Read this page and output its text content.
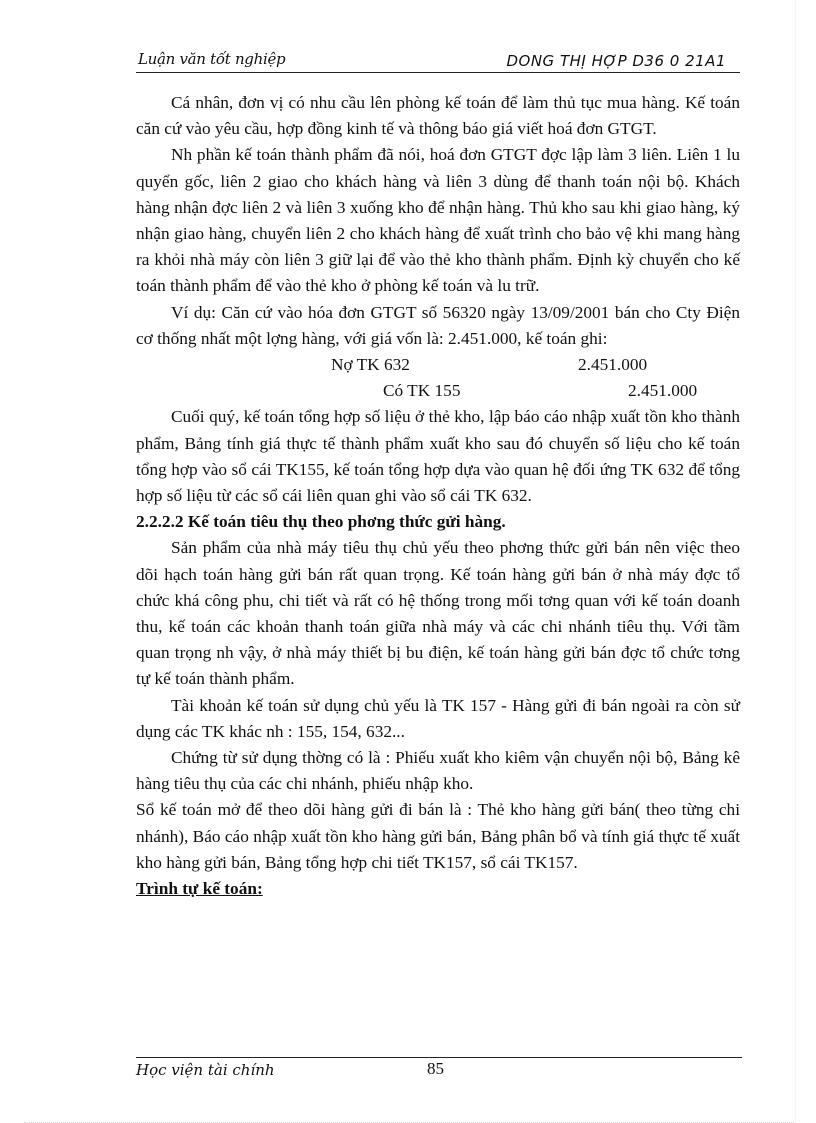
Luận văn tốt nghiệp	DONG THỊ HỢP D36 0 21A1

Cá nhân, đơn vị có nhu cầu lên phòng kế toán để làm thủ tục mua hàng. Kế toán căn cứ vào yêu cầu, hợp đồng kinh tế và thông báo giá viết hoá đơn GTGT.

Nh phần kế toán thành phẩm đã nói, hoá đơn GTGT đợc lập làm 3 liên. Liên 1 lu quyển gốc, liên 2 giao cho khách hàng và liên 3 dùng để thanh toán nội bộ. Khách hàng nhận đợc liên 2 và liên 3 xuống kho để nhận hàng. Thủ kho sau khi giao hàng, ký nhận giao hàng, chuyển liên 2 cho khách hàng để xuất trình cho bảo vệ khi mang hàng ra khỏi nhà máy còn liên 3 giữ lại để vào thẻ kho thành phẩm. Định kỳ chuyển cho kế toán thành phẩm để vào thẻ kho ở phòng kế toán và lu trữ.

Ví dụ: Căn cứ vào hóa đơn GTGT số 56320 ngày 13/09/2001 bán cho Cty Điện cơ thống nhất một lợng hàng, với giá vốn là: 2.451.000, kế toán ghi:

Nợ TK 632	2.451.000
Có TK 155	2.451.000

Cuối quý, kế toán tổng hợp số liệu ở thẻ kho, lập báo cáo nhập xuất tồn kho thành phẩm, Bảng tính giá thực tế thành phẩm xuất kho sau đó chuyển số liệu cho kế toán tổng hợp vào sổ cái TK155, kế toán tổng hợp dựa vào quan hệ đối ứng TK 632 để tổng hợp số liệu từ các sổ cái liên quan ghi vào sổ cái TK 632.

2.2.2.2 Kế toán tiêu thụ theo phơng thức gửi hàng.

Sản phẩm của nhà máy tiêu thụ chủ yếu theo phơng thức gửi bán nên việc theo dõi hạch toán hàng gửi bán rất quan trọng. Kế toán hàng gửi bán ở nhà máy đợc tổ chức khá công phu, chi tiết và rất có hệ thống trong mối tơng quan với kế toán doanh thu, kế toán các khoản thanh toán giữa nhà máy và các chi nhánh tiêu thụ. Với tầm quan trọng nh vậy, ở nhà máy thiết bị bu điện, kế toán hàng gửi bán đợc tổ chức tơng tự kế toán thành phẩm.

Tài khoản kế toán sử dụng chủ yếu là TK 157 - Hàng gửi đi bán ngoài ra còn sử dụng các TK khác nh : 155, 154, 632...

Chứng từ sử dụng thờng có là : Phiếu xuất kho kiêm vận chuyển nội bộ, Bảng kê hàng tiêu thụ của các chi nhánh, phiếu nhập kho.

Sổ kế toán mở để theo dõi hàng gửi đi bán là : Thẻ kho hàng gửi bán( theo từng chi nhánh), Báo cáo nhập xuất tồn kho hàng gửi bán, Bảng phân bổ và tính giá thực tế xuất kho hàng gửi bán, Bảng tổng hợp chi tiết TK157, sổ cái TK157.

Trình tự kế toán:

Học viện tài chính	85
